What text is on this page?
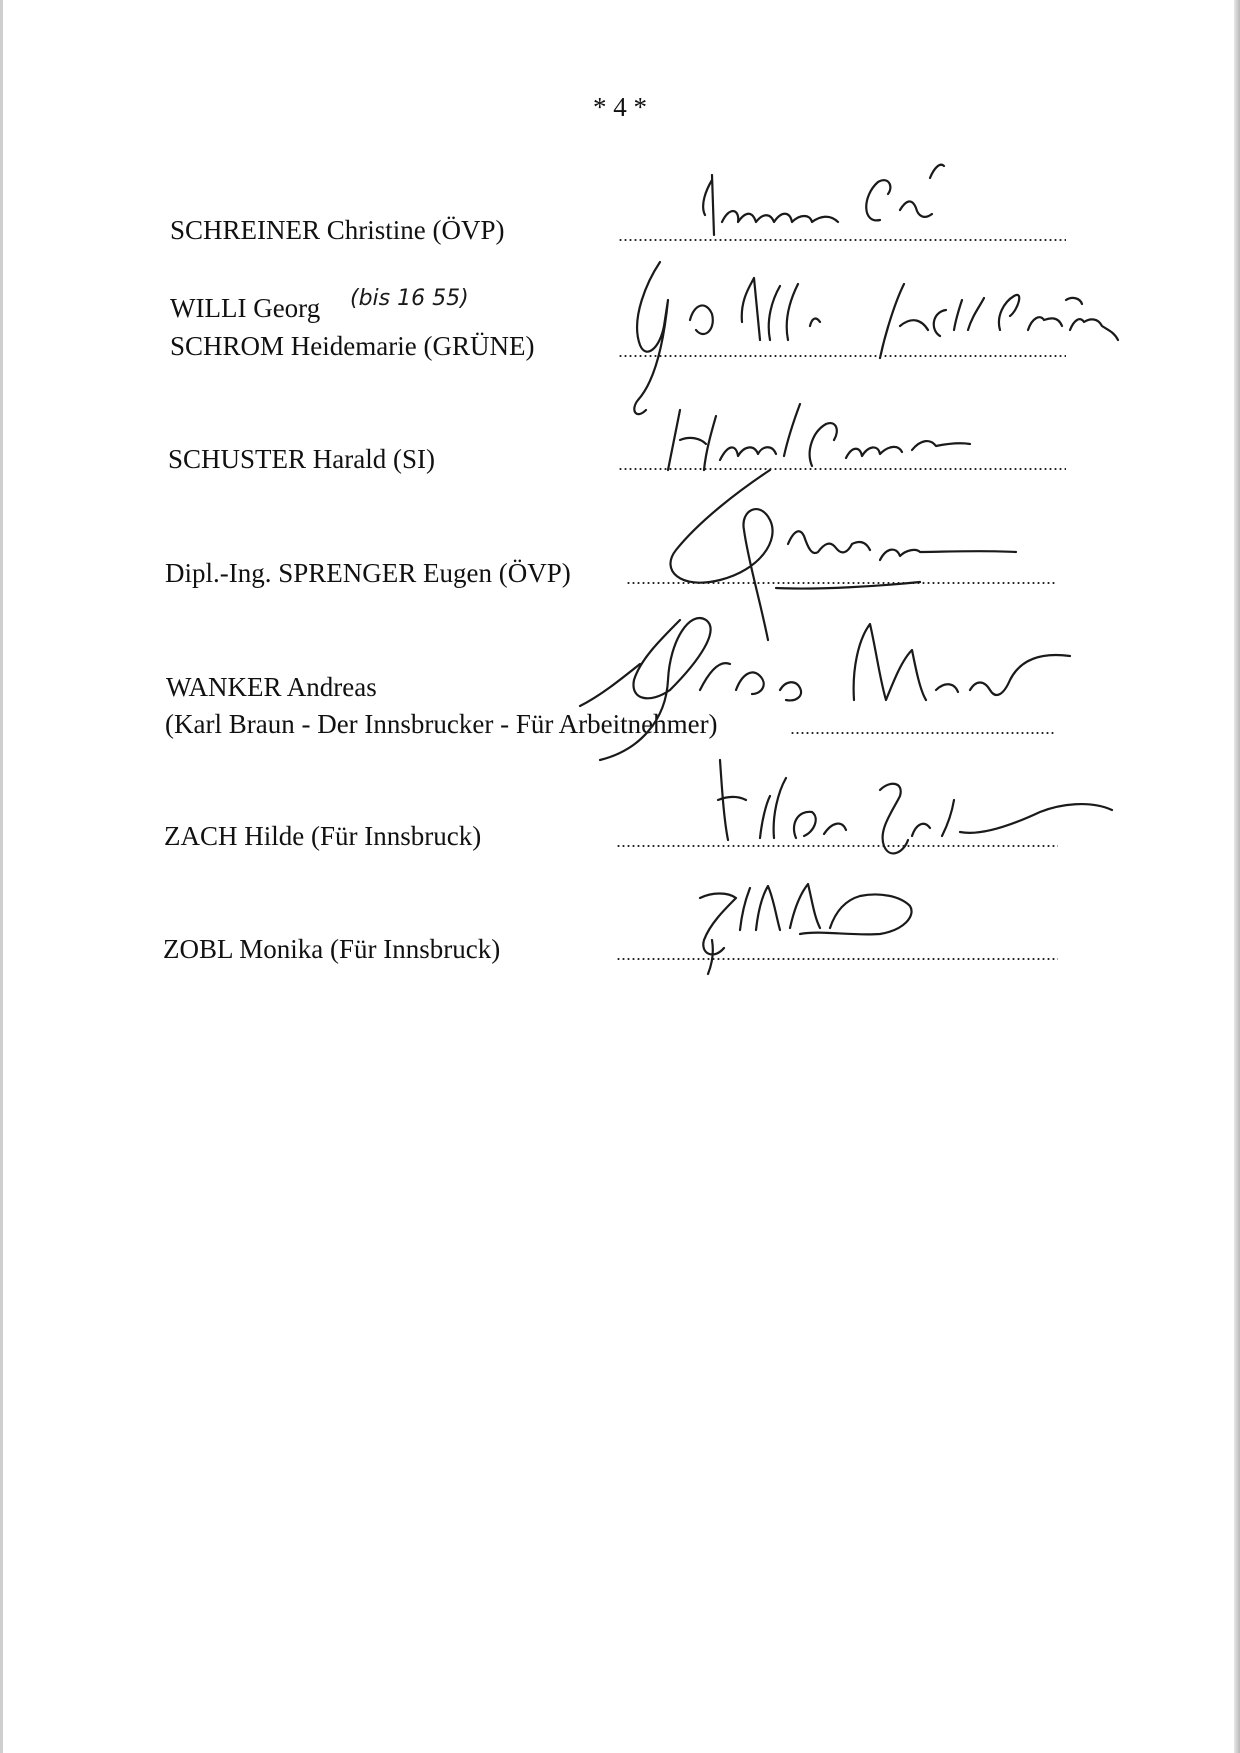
* 4 *
SCHREINER Christine (ÖVP)
WILLI Georg (bis 16 55)
SCHROM Heidemarie (GRÜNE)
SCHUSTER Harald (SI)
Dipl.-Ing. SPRENGER Eugen (ÖVP)
WANKER Andreas
(Karl Braun - Der Innsbrucker - Für Arbeitnehmer)
ZACH Hilde (Für Innsbruck)
ZOBL Monika (Für Innsbruck)
